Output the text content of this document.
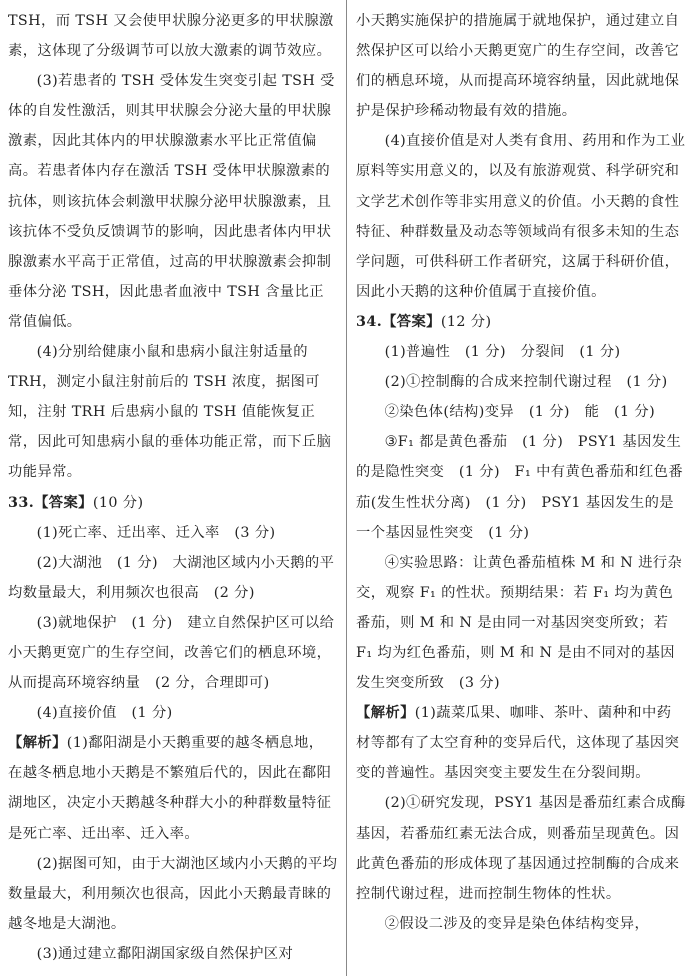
TSH，而 TSH 又会使甲状腺分泌更多的甲状腺激素，这体现了分级调节可以放大激素的调节效应。

(3)若患者的 TSH 受体发生突变引起 TSH 受体的自发性激活，则其甲状腺会分泌大量的甲状腺激素，因此其体内的甲状腺激素水平比正常值偏高。若患者体内存在激活 TSH 受体甲状腺激素的抗体，则该抗体会刺激甲状腺分泌甲状腺激素，且该抗体不受负反馈调节的影响，因此患者体内甲状腺激素水平高于正常值，过高的甲状腺激素会抑制垂体分泌 TSH，因此患者血液中 TSH 含量比正常值偏低。

(4)分别给健康小鼠和患病小鼠注射适量的 TRH，测定小鼠注射前后的 TSH 浓度，据图可知，注射 TRH 后患病小鼠的 TSH 值能恢复正常，因此可知患病小鼠的垂体功能正常，而下丘脑功能异常。

33.【答案】(10 分)

(1)死亡率、迁出率、迁入率　(3 分)

(2)大湖池　(1 分)　大湖池区域内小天鹅的平均数量最大，利用频次也很高　(2 分)

(3)就地保护　(1 分)　建立自然保护区可以给小天鹅更宽广的生存空间，改善它们的栖息环境，从而提高环境容纳量　(2 分，合理即可)

(4)直接价值　(1 分)

【解析】(1)鄱阳湖是小天鹅重要的越冬栖息地，在越冬栖息地小天鹅是不繁殖后代的，因此在鄱阳湖地区，决定小天鹅越冬种群大小的种群数量特征是死亡率、迁出率、迁入率。

(2)据图可知，由于大湖池区域内小天鹅的平均数量最大，利用频次也很高，因此小天鹅最青睐的越冬地是大湖池。

(3)通过建立鄱阳湖国家级自然保护区对

小天鹅实施保护的措施属于就地保护，通过建立自然保护区可以给小天鹅更宽广的生存空间，改善它们的栖息环境，从而提高环境容纳量，因此就地保护是保护珍稀动物最有效的措施。

(4)直接价值是对人类有食用、药用和作为工业原料等实用意义的，以及有旅游观赏、科学研究和文学艺术创作等非实用意义的价值。小天鹅的食性特征、种群数量及动态等领域尚有很多未知的生态学问题，可供科研工作者研究，这属于科研价值，因此小天鹅的这种价值属于直接价值。

34.【答案】(12 分)

(1)普遍性　(1 分)　分裂间　(1 分)

(2)①控制酶的合成来控制代谢过程　(1 分)

②染色体(结构)变异　(1 分)　能　(1 分)

③F₁ 都是黄色番茄　(1 分)　PSY1 基因发生的是隐性突变　(1 分)　F₁ 中有黄色番茄和红色番茄(发生性状分离)　(1 分)　PSY1 基因发生的是一个基因显性突变　(1 分)

④实验思路：让黄色番茄植株 M 和 N 进行杂交，观察 F₁ 的性状。预期结果：若 F₁ 均为黄色番茄，则 M 和 N 是由同一对基因突变所致；若 F₁ 均为红色番茄，则 M 和 N 是由不同对的基因发生突变所致　(3 分)

【解析】(1)蔬菜瓜果、咖啡、茶叶、菌种和中药材等都有了太空育种的变异后代，这体现了基因突变的普遍性。基因突变主要发生在分裂间期。

(2)①研究发现，PSY1 基因是番茄红素合成酶基因，若番茄红素无法合成，则番茄呈现黄色。因此黄色番茄的形成体现了基因通过控制酶的合成来控制代谢过程，进而控制生物体的性状。

②假设二涉及的变异是染色体结构变异，
